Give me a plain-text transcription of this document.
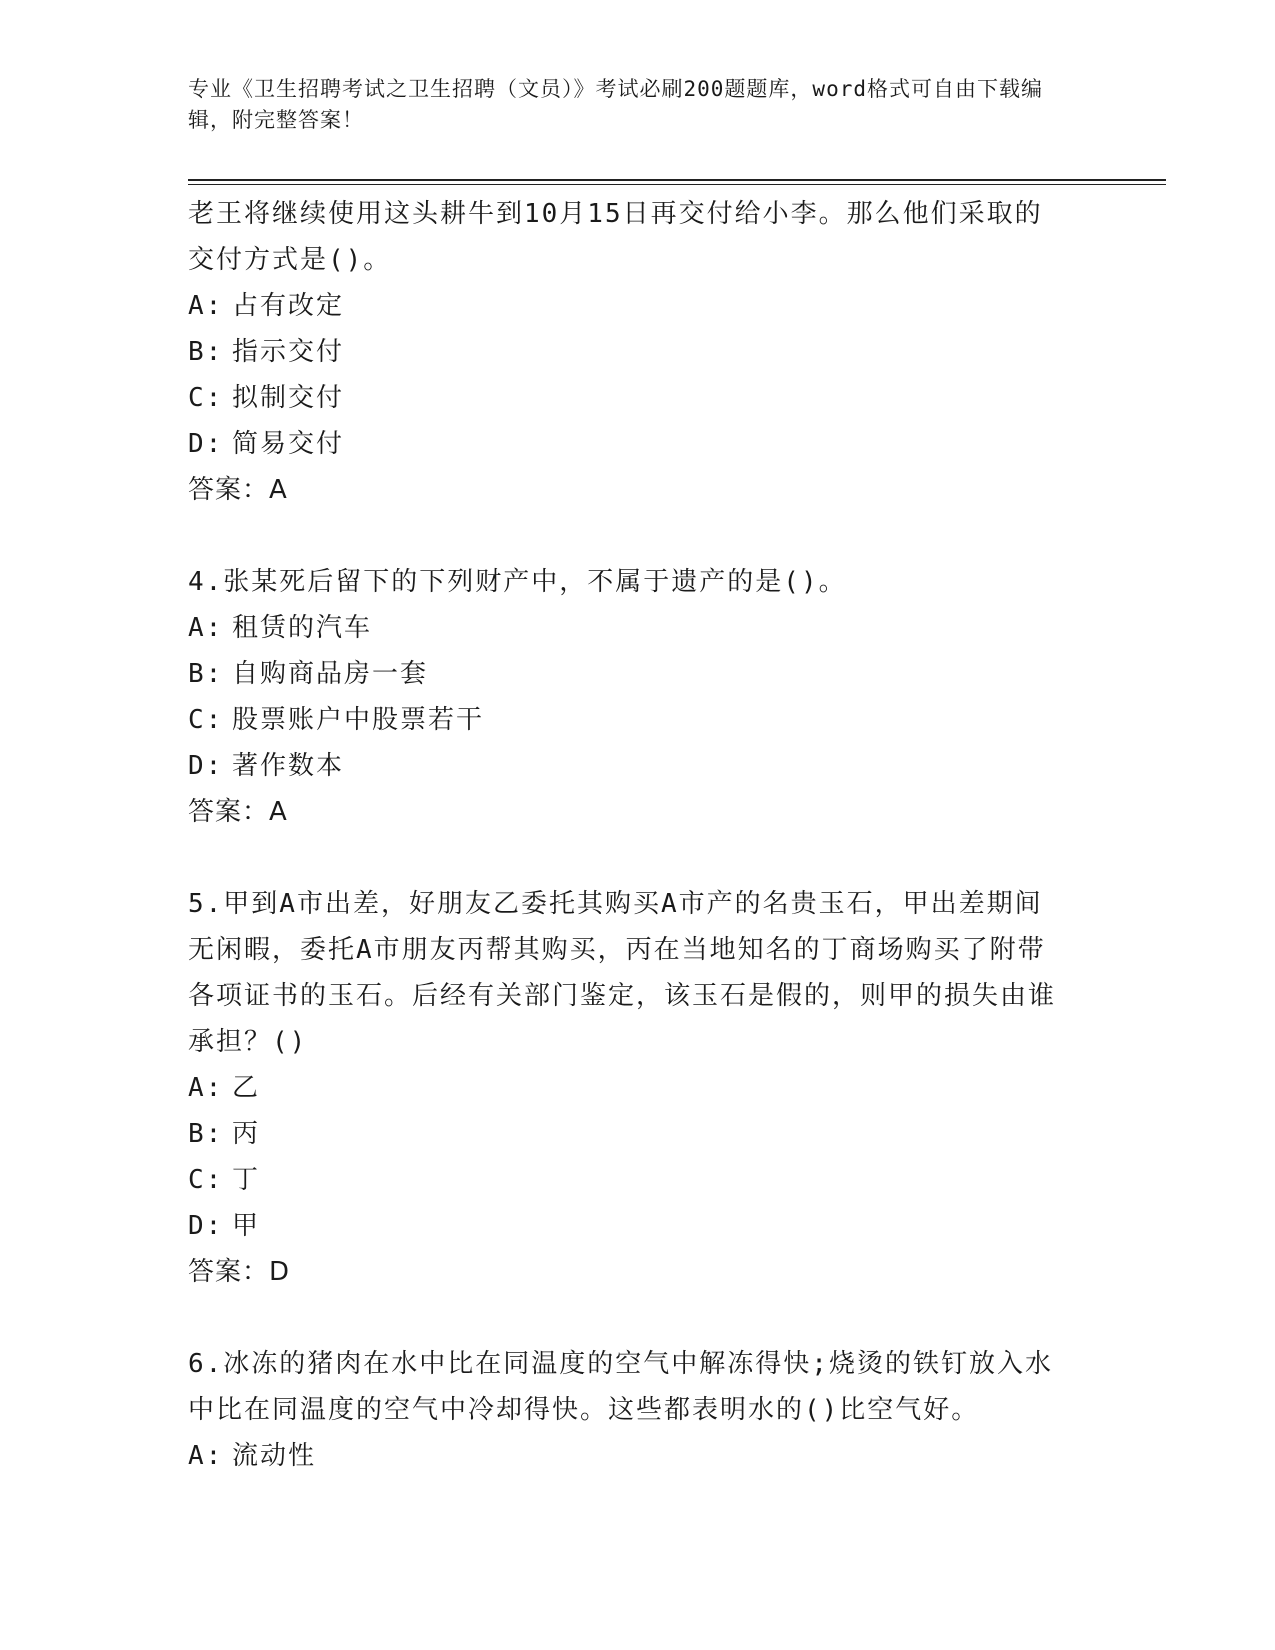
专业《卫生招聘考试之卫生招聘（文员）》考试必刷200题题库，word格式可自由下载编辑，附完整答案！

老王将继续使用这头耕牛到10月15日再交付给小李。那么他们采取的交付方式是()。

A: 占有改定

B: 指示交付

C: 拟制交付

D: 简易交付

答案：A

4.张某死后留下的下列财产中，不属于遗产的是()。

A: 租赁的汽车

B: 自购商品房一套

C: 股票账户中股票若干

D: 著作数本

答案：A

5.甲到A市出差，好朋友乙委托其购买A市产的名贵玉石，甲出差期间无闲暇，委托A市朋友丙帮其购买，丙在当地知名的丁商场购买了附带各项证书的玉石。后经有关部门鉴定，该玉石是假的，则甲的损失由谁承担？()

A: 乙

B: 丙

C: 丁

D: 甲

答案：D

6.冰冻的猪肉在水中比在同温度的空气中解冻得快;烧烫的铁钉放入水中比在同温度的空气中冷却得快。这些都表明水的()比空气好。

A: 流动性
